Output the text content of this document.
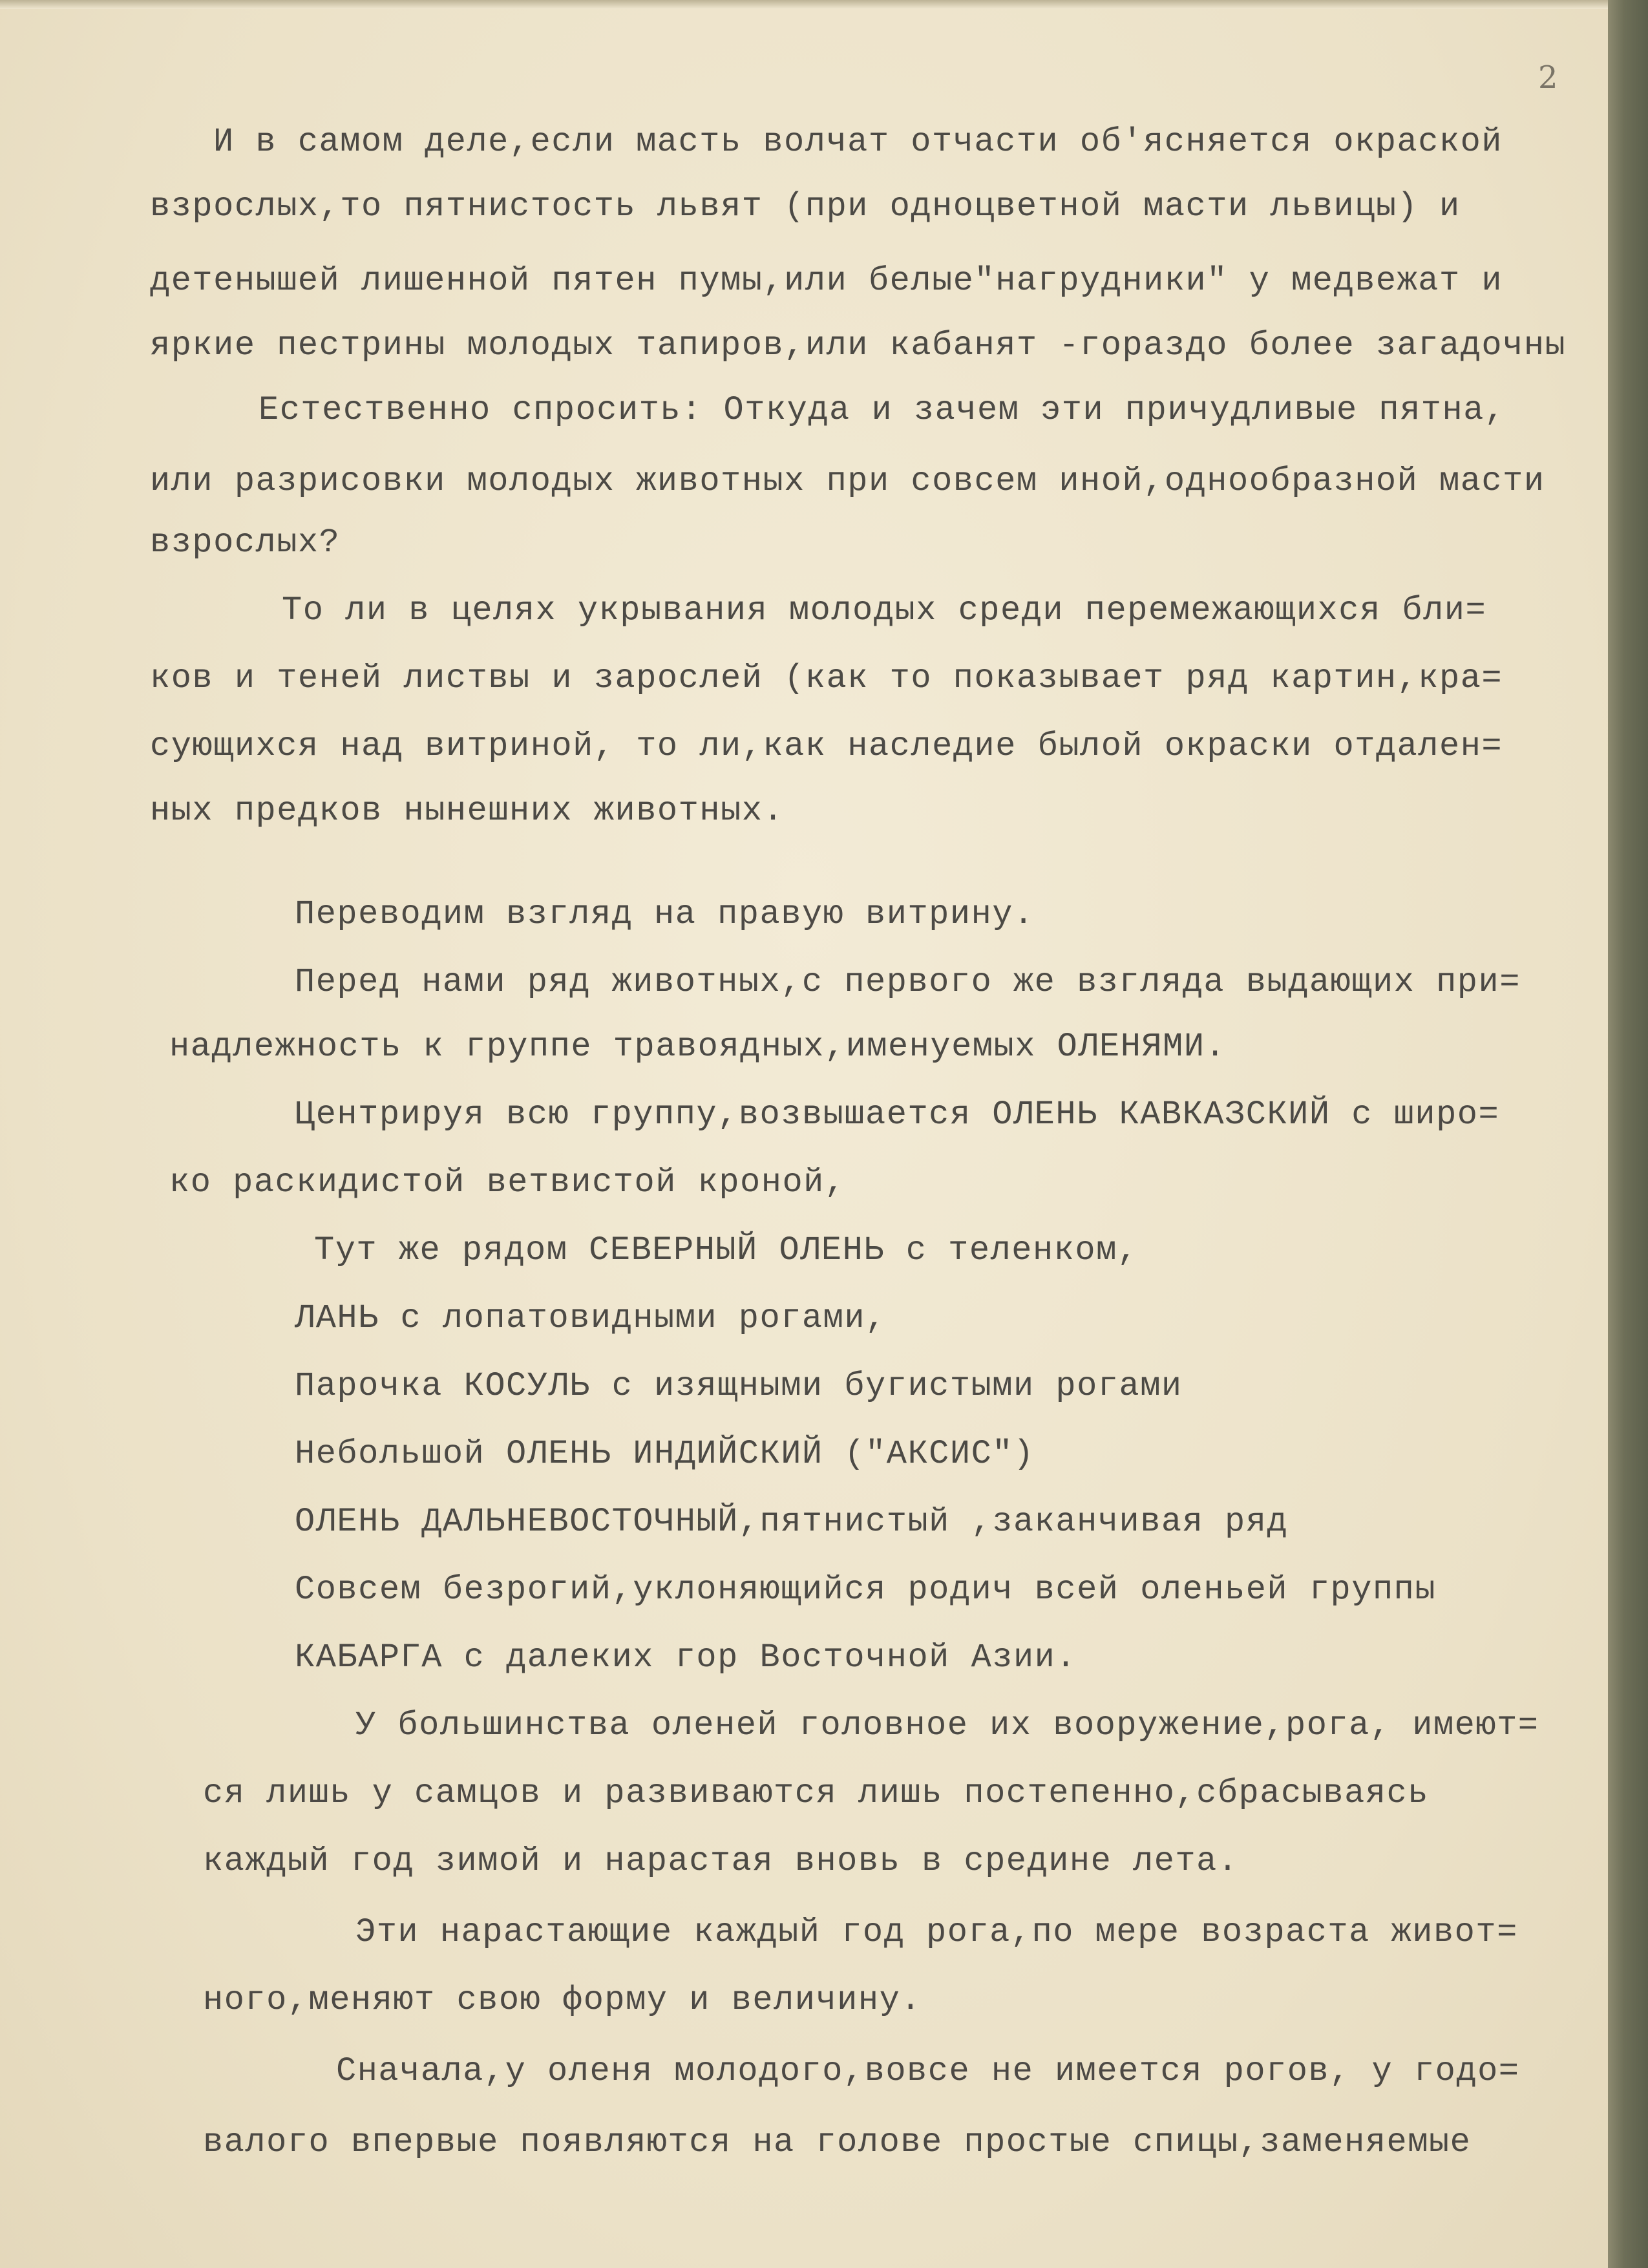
2
И в самом деле,если масть волчат отчасти об'ясняется окраской
взрослых,то пятнистость львят (при одноцветной масти львицы) и
детенышей лишенной пятен пумы,или белые"нагрудники" у медвежат и
яркие пестрины молодых тапиров,или кабанят -гораздо более загадочны
Естественно спросить: Откуда и зачем эти причудливые пятна,
или разрисовки молодых животных при совсем иной,однообразной масти
взрослых?
То ли в целях укрывания молодых среди перемежающихся бли=
ков и теней листвы и зарослей (как то показывает ряд картин,кра=
сующихся над витриной, то ли,как наследие былой окраски отдален=
ных предков нынешних животных.
Переводим взгляд на правую витрину.
Перед нами ряд животных,с первого же взгляда выдающих при=
надлежность к группе травоядных,именуемых ОЛЕНЯМИ.
Центрируя всю группу,возвышается ОЛЕНЬ КАВКАЗСКИЙ с широ=
ко раскидистой ветвистой кроной,
Тут же рядом СЕВЕРНЫЙ ОЛЕНЬ с теленком,
ЛАНЬ с лопатовидными рогами,
Парочка КОСУЛЬ с изящными бугистыми рогами
Небольшой ОЛЕНЬ ИНДИЙСКИЙ ("АКСИС")
ОЛЕНЬ ДАЛЬНЕВОСТОЧНЫЙ,пятнистый ,заканчивая ряд
Совсем безрогий,уклоняющийся родич всей оленьей группы
КАБАРГА с далеких гор Восточной Азии.
У большинства оленей головное их вооружение,рога, имеют=
ся лишь у самцов и развиваются лишь постепенно,сбрасываясь
каждый год зимой и нарастая вновь в средине лета.
Эти нарастающие каждый год рога,по мере возраста живот=
ного,меняют свою форму и величину.
Сначала,у оленя молодого,вовсе не имеется рогов, у годо=
валого впервые появляются на голове простые спицы,заменяемые
